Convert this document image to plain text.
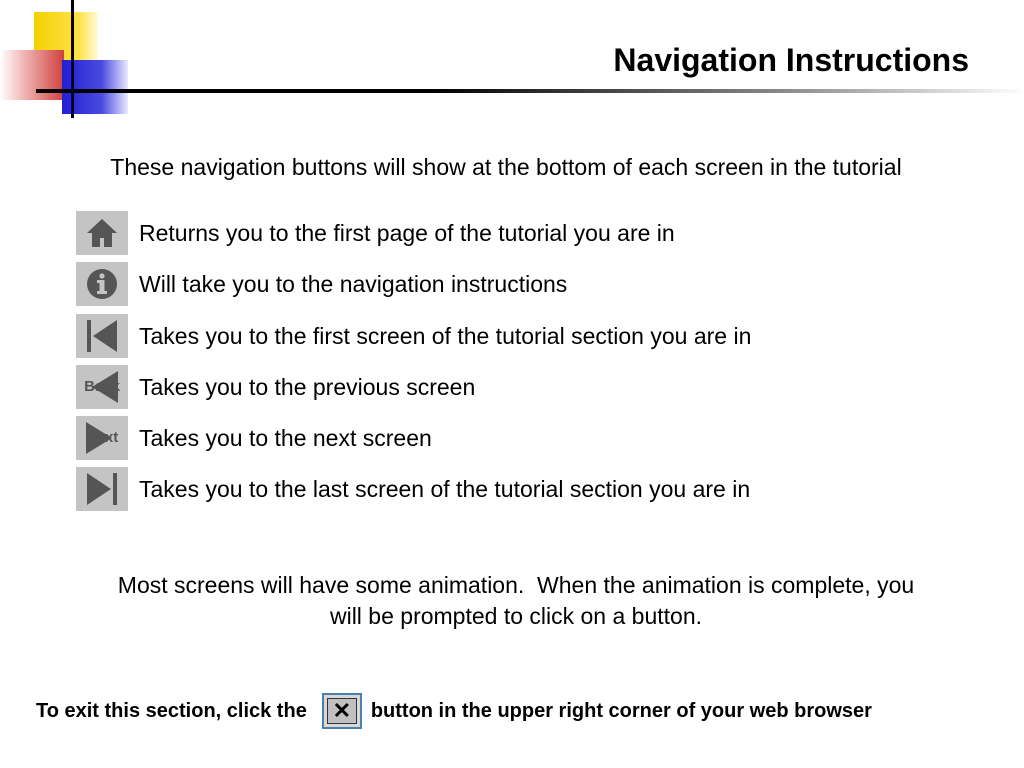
Navigation Instructions
These navigation buttons will show at the bottom of each screen in the tutorial
Returns you to the first page of the tutorial you are in
Will take you to the navigation instructions
Takes you to the first screen of the tutorial section you are in
Back Takes you to the previous screen
Next Takes you to the next screen
Takes you to the last screen of the tutorial section you are in
Most screens will have some animation.  When the animation is complete, you
will be prompted to click on a button.
To exit this section, click the ✕ button in the upper right corner of your web browser
